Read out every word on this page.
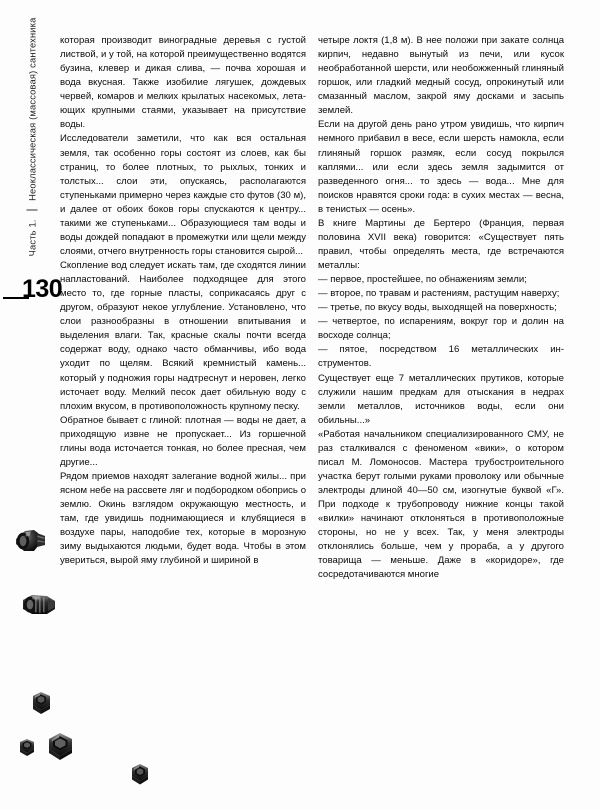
Часть 1.  Неоклассическая (массовая) сантехника
130

которая производит виноградные деревья с густой листвой, и у той, на которой преимущественно водятся бузина, клевер и дикая слива, — почва хорошая и вода вкусная. Также изобилие лягушек, дождевых червей, комаров и мелких крылатых насекомых, летающих крупными стаями, указывает на присутствие воды.

Исследователи заметили, что как вся остальная земля, так особенно горы состоят из слоев, как бы страниц, то более плотных, то рыхлых, тонких и толстых... слои эти, опускаясь, располагаются ступеньками примерно через каждые сто футов (30 м), и далее от обоих боков горы спускаются к центру... такими же ступеньками... Образующиеся там воды и воды дождей попадают в промежутки или щели между слоями, отчего внутренность горы становится сырой...

Скопление вод следует искать там, где сходятся линии напластований. Наиболее подходящее для этого место то, где горные пласты, соприкасаясь друг с другом, образуют некое углубление. Установлено, что слои разнообразны в отношении впитывания и выделения влаги. Так, красные скалы почти всегда содержат воду, однако часто обманчивы, ибо вода уходит по щелям. Всякий кремнистый камень... который у подножия горы надтреснут и неровен, легко источает воду. Мелкий песок дает обильную воду с плохим вкусом, в противоположность крупному песку.

Обратное бывает с глиной: плотная — воды не дает, а приходящую извне не пропускает... Из горшечной глины вода источается тонкая, но более пресная, чем другие...

Рядом приемов находят залегание водной жилы... при ясном небе на рассвете ляг и подбородком обопрись о землю. Окинь взглядом окружающую местность, и там, где увидишь поднимающиеся и клубящиеся в воздухе пары, наподобие тех, которые в морозную зиму выдыхаются людьми, будет вода. Чтобы в этом увериться, вырой яму глубиной и шириной в

четыре локтя (1,8 м). В нее положи при закате солнца кирпич, недавно вынутый из печи, или кусок необработанной шерсти, или необожженный глиняный горшок, или гладкий медный сосуд, опрокинутый или смазанный маслом, закрой яму досками и засыпь землей.

Если на другой день рано утром увидишь, что кирпич немного прибавил в весе, если шерсть намокла, если глиняный горшок размяк, если сосуд покрылся каплями... или если здесь земля задымится от разведенного огня... то здесь — вода... Мне для поисков нравятся сроки года: в сухих местах — весна, в тенистых — осень».

В книге Мартины де Бертеро (Франция, первая половина XVII века) говорится: «Существует пять правил, чтобы определять места, где встречаются металлы:

— первое, простейшее, по обнажениям земли;

— второе, по травам и растениям, растущим наверху;

— третье, по вкусу воды, выходящей на поверхность;

— четвертое, по испарениям, вокруг гор и долин на восходе солнца;

— пятое, посредством 16 металлических инструментов.

Существует еще 7 металлических прутиков, которые служили нашим предкам для отыскания в недрах земли металлов, источников воды, если они обильны...»

«Работая начальником специализированного СМУ, не раз сталкивался с феноменом «вики», о котором писал М. Ломоносов. Мастера трубостроительного участка берут голыми руками проволоку или обычные электроды длиной 40—50 см, изогнутые буквой «Г». При подходе к трубопроводу нижние концы такой «вилки» начинают отклоняться в противоположные стороны, но не у всех. Так, у меня электроды отклонялись больше, чем у прораба, а у другого товарища — меньше. Даже в «коридоре», где сосредотачиваются многие
